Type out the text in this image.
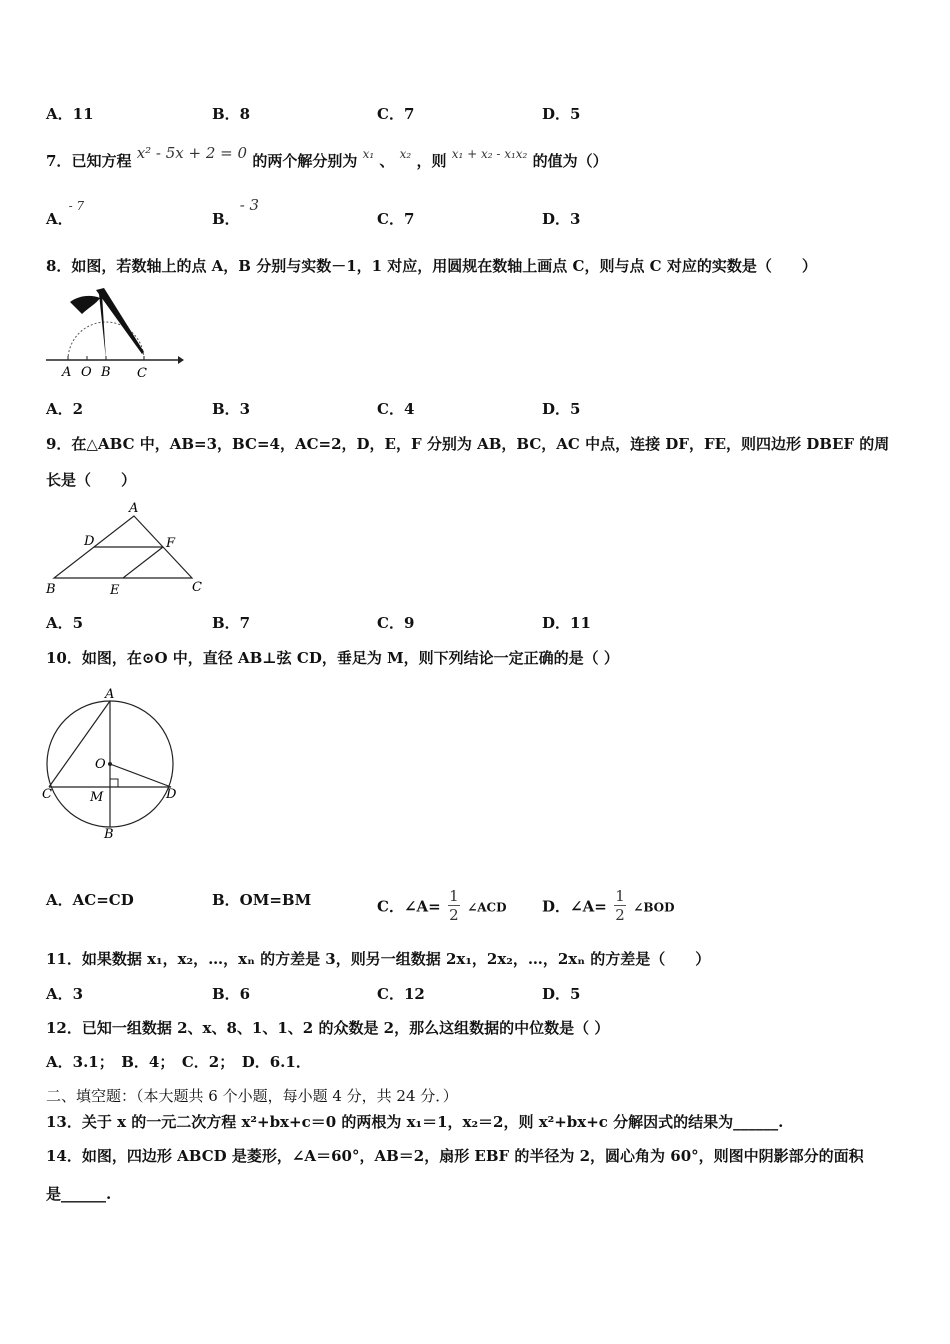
A．11	B．8	C．7	D．5
7．已知方程 x² - 5x + 2 = 0 的两个解分别为 $^{x_1}$ 、 $^{x_2}$ ，则 $^{x_1 + x_2 - x_1x_2}$ 的值为（）
A．$^{- 7}$
B．- 3
C．7	D．3
8．如图，若数轴上的点 A，B 分别与实数－1，1 对应，用圆规在数轴上画点 C，则与点 C 对应的实数是（　　）
A O B C
A．2	B．3	C．4	D．5
9．在△ABC 中，AB=3，BC=4，AC=2，D，E，F 分别为 AB，BC，AC 中点，连接 DF，FE，则四边形 DBEF 的周
长是（　　）
A
D	F
B	E	C
A．5	B．7	C．9	D．11
10．如图，在⊙O 中，直径 AB⊥弦 CD，垂足为 M，则下列结论一定正确的是（ ）
A
O
C	M	D
B
A．AC=CD	B．OM=BM	C．∠A= $\frac{1}{2}$ ∠ACD D．∠A= $\frac{1}{2}$ ∠BOD
11．如果数据 x₁，x₂，…，xₙ 的方差是 3，则另一组数据 2x₁，2x₂，…，2xₙ 的方差是（　　）
A．3	B．6	C．12	D．5
12．已知一组数据 2、x、8、1、1、2 的众数是 2，那么这组数据的中位数是（ ）
A．3.1；　B．4；　C．2；　D．6.1．
二、填空题：（本大题共 6 个小题，每小题 4 分，共 24 分．）
13．关于 x 的一元二次方程 x²+bx+c＝0 的两根为 x₁＝1，x₂＝2，则 x²+bx+c 分解因式的结果为______.
14．如图，四边形 ABCD 是菱形，∠A＝60°，AB＝2，扇形 EBF 的半径为 2，圆心角为 60°，则图中阴影部分的面积
是______.
